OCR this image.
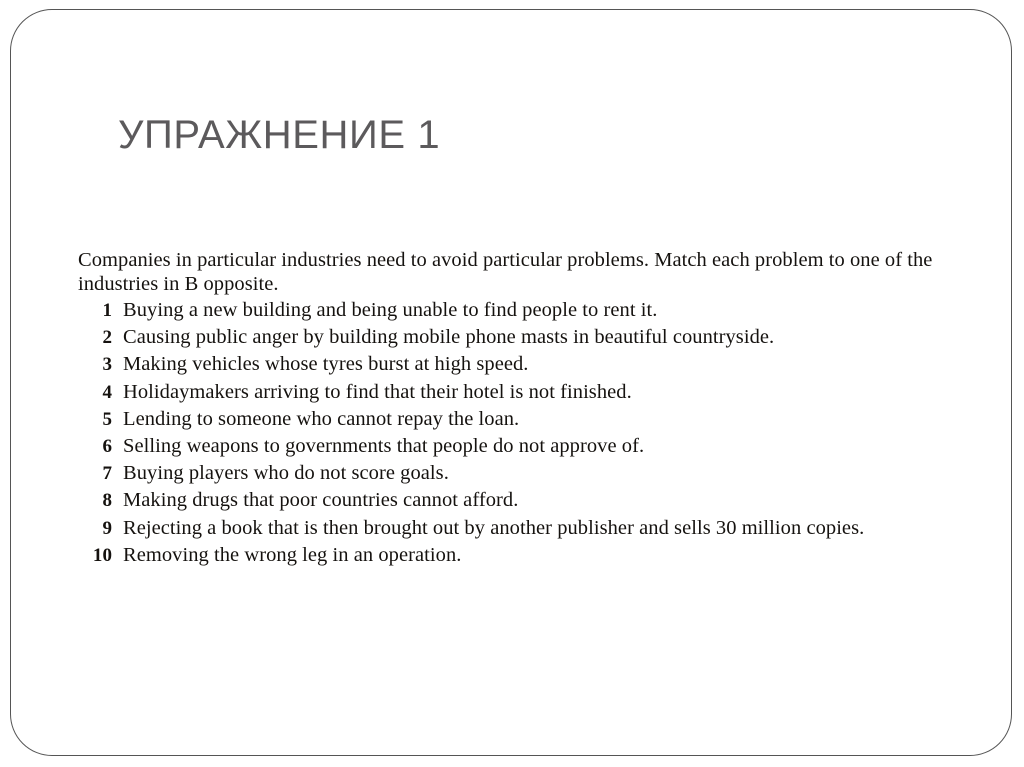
УПРАЖНЕНИЕ 1

Companies in particular industries need to avoid particular problems. Match each problem to one of the industries in B opposite.

1 Buying a new building and being unable to find people to rent it.
2 Causing public anger by building mobile phone masts in beautiful countryside.
3 Making vehicles whose tyres burst at high speed.
4 Holidaymakers arriving to find that their hotel is not finished.
5 Lending to someone who cannot repay the loan.
6 Selling weapons to governments that people do not approve of.
7 Buying players who do not score goals.
8 Making drugs that poor countries cannot afford.
9 Rejecting a book that is then brought out by another publisher and sells 30 million copies.
10 Removing the wrong leg in an operation.
